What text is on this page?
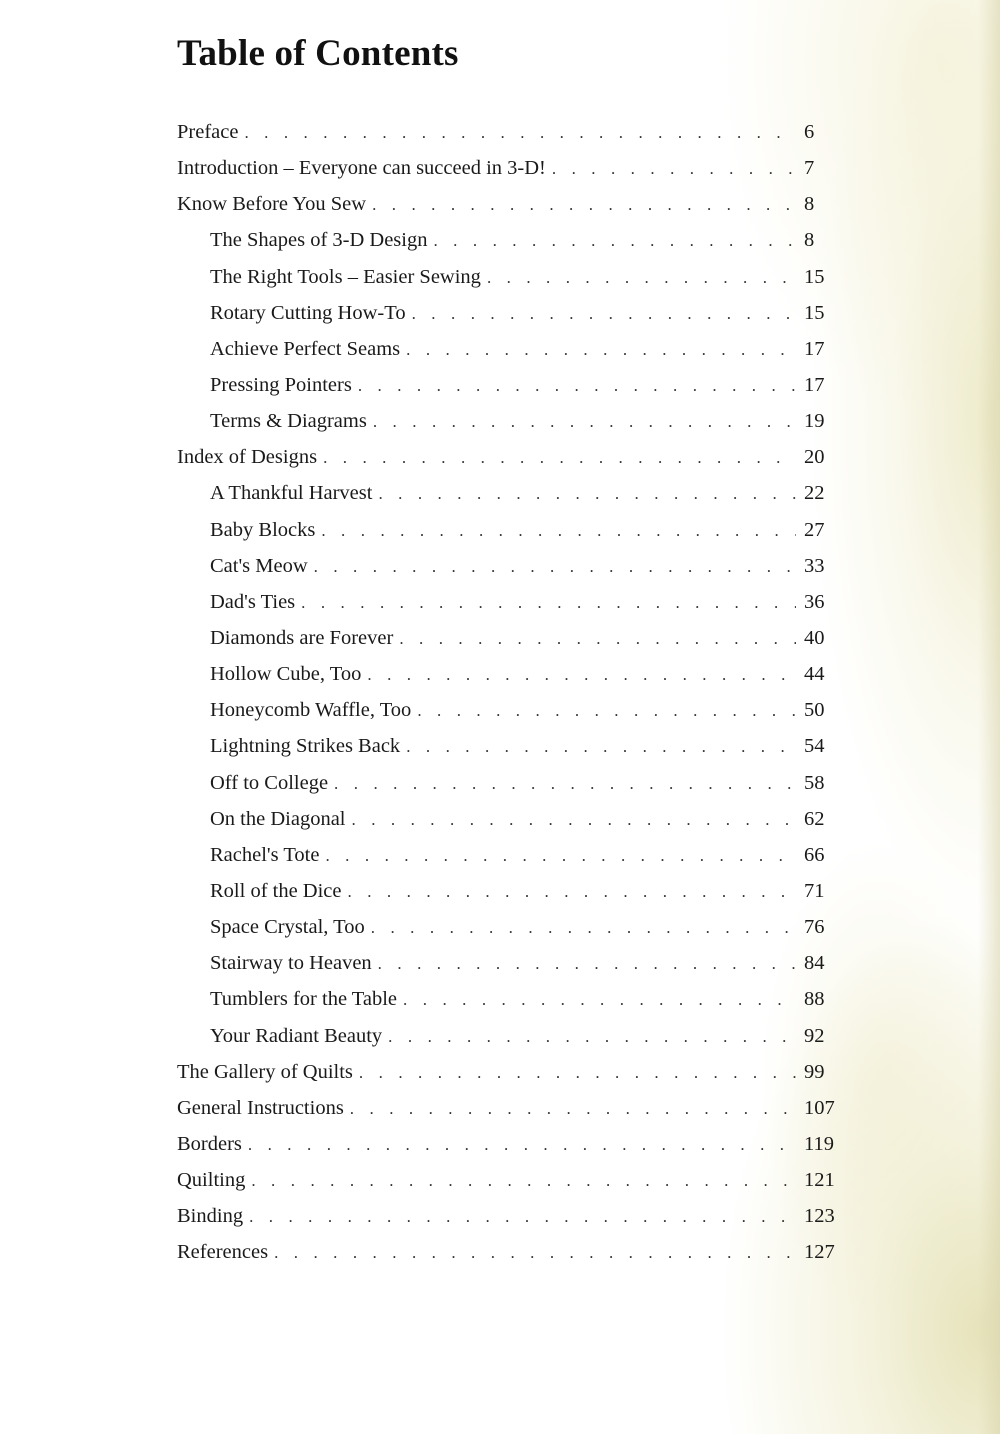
Table of Contents
Preface . . .	6
Introduction – Everyone can succeed in 3-D! . . .	7
Know Before You Sew . . .	8
The Shapes of 3-D Design . . .	8
The Right Tools – Easier Sewing . . .	15
Rotary Cutting How-To . . .	15
Achieve Perfect Seams . . .	17
Pressing Pointers . . .	17
Terms & Diagrams . . .	19
Index of Designs . . .	20
A Thankful Harvest . . .	22
Baby Blocks . . .	27
Cat's Meow . . .	33
Dad's Ties . . .	36
Diamonds are Forever . . .	40
Hollow Cube, Too . . .	44
Honeycomb Waffle, Too . . .	50
Lightning Strikes Back . . .	54
Off to College . . .	58
On the Diagonal . . .	62
Rachel's Tote . . .	66
Roll of the Dice . . .	71
Space Crystal, Too . . .	76
Stairway to Heaven . . .	84
Tumblers for the Table . . .	88
Your Radiant Beauty . . .	92
The Gallery of Quilts . . .	99
General Instructions . . .	107
Borders . . .	119
Quilting . . .	121
Binding . . .	123
References . . .	127
